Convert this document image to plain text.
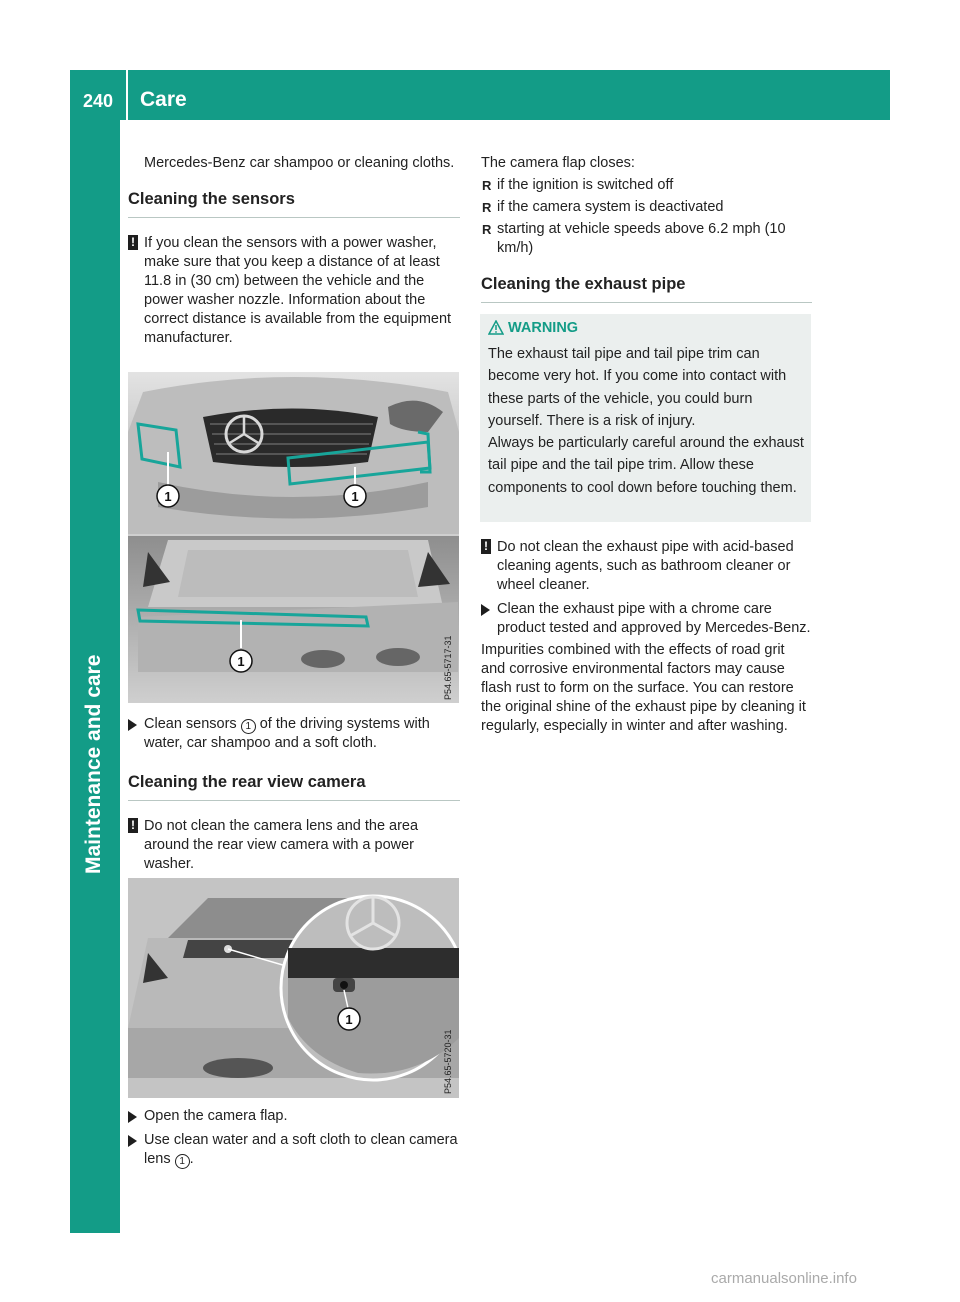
240	Care
Maintenance and care

Mercedes-Benz car shampoo or cleaning cloths.

Cleaning the sensors

! If you clean the sensors with a power washer, make sure that you keep a distance of at least 11.8 in (30 cm) between the vehicle and the power washer nozzle. Information about the correct distance is available from the equipment manufacturer.
1	1
1	P54.65-5717-31
Clean sensors 1 of the driving systems with water, car shampoo and a soft cloth.

Cleaning the rear view camera

! Do not clean the camera lens and the area around the rear view camera with a power washer.
1
P54.65-5720-31
Open the camera flap.
Use clean water and a soft cloth to clean camera lens 1 .

The camera flap closes:

R if the ignition is switched off
R if the camera system is deactivated
R starting at vehicle speeds above 6.2 mph (10 km/h)

Cleaning the exhaust pipe

WARNING

The exhaust tail pipe and tail pipe trim can become very hot. If you come into contact with these parts of the vehicle, you could burn yourself. There is a risk of injury.

Always be particularly careful around the exhaust tail pipe and the tail pipe trim. Allow these components to cool down before touching them.

! Do not clean the exhaust pipe with acid-based cleaning agents, such as bathroom cleaner or wheel cleaner.
Clean the exhaust pipe with a chrome care product tested and approved by Mercedes-Benz.

Impurities combined with the effects of road grit and corrosive environmental factors may cause flash rust to form on the surface. You can restore the original shine of the exhaust pipe by cleaning it regularly, especially in winter and after washing.

carmanualsonline.info
